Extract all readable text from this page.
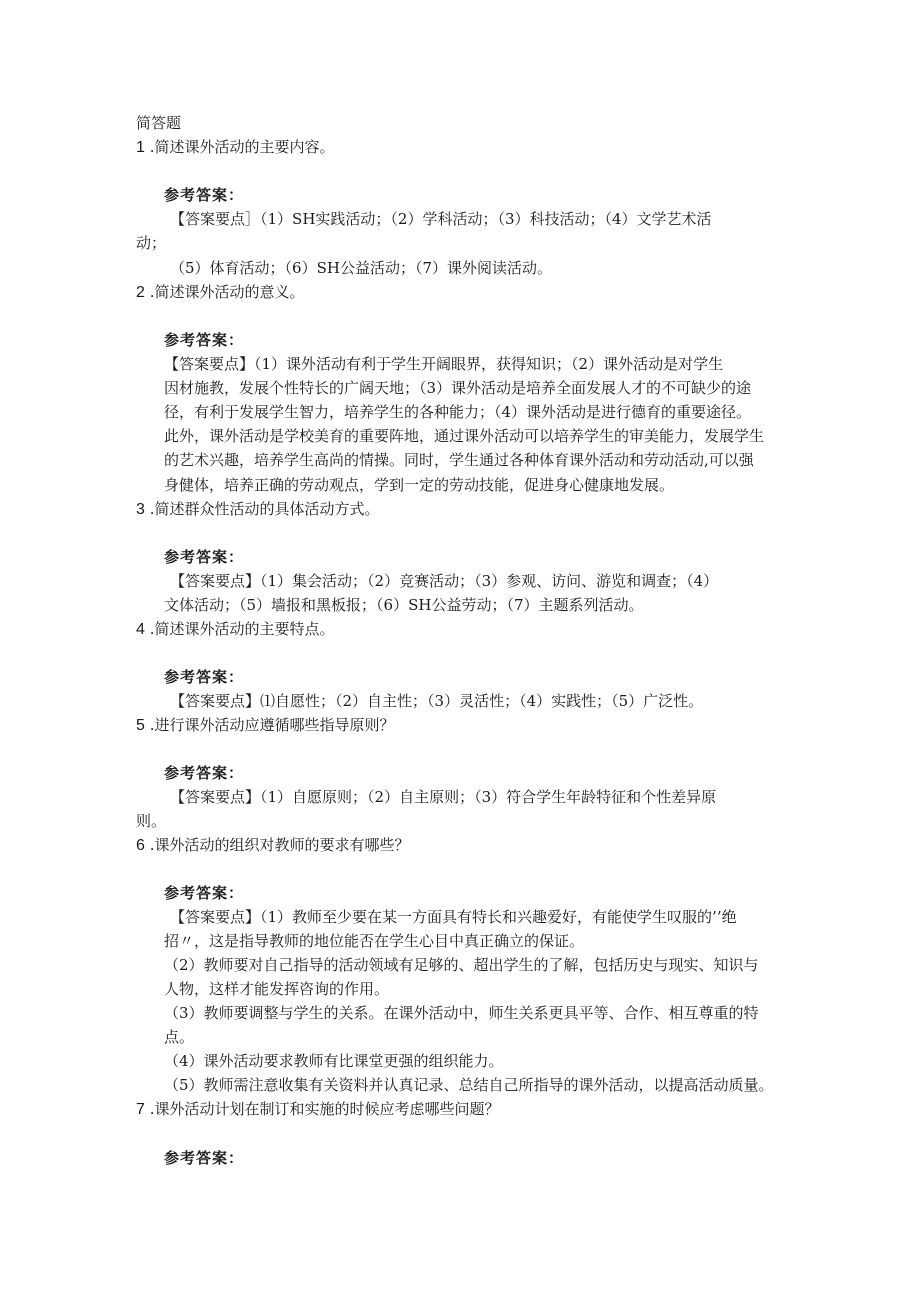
简答题
1 .简述课外活动的主要内容。
参考答案：
【答案要点］（1）SH实践活动；（2）学科活动；（3）科技活动；（4）文学艺术活
动；
（5）体育活动；（6）SH公益活动；（7）课外阅读活动。
2 .简述课外活动的意义。
参考答案：
【答案要点】（1）课外活动有利于学生开阔眼界，获得知识；（2）课外活动是对学生
因材施教，发展个性特长的广阔天地；（3）课外活动是培养全面发展人才的不可缺少的途
径，有利于发展学生智力，培养学生的各种能力；（4）课外活动是进行德育的重要途径。
此外，课外活动是学校美育的重要阵地，通过课外活动可以培养学生的审美能力，发展学生
的艺术兴趣，培养学生高尚的情操。同时，学生通过各种体育课外活动和劳动活动,可以强
身健体，培养正确的劳动观点，学到一定的劳动技能，促进身心健康地发展。
3 .简述群众性活动的具体活动方式。
参考答案：
【答案要点】（1）集会活动；（2）竞赛活动；（3）参观、访问、游览和调查；（4）
文体活动；（5）墙报和黑板报；（6）SH公益劳动；（7）主题系列活动。
4 .简述课外活动的主要特点。
参考答案：
【答案要点】⑴自愿性；（2）自主性；（3）灵活性；（4）实践性；（5）广泛性。
5 .进行课外活动应遵循哪些指导原则？
参考答案：
【答案要点】（1）自愿原则；（2）自主原则；（3）符合学生年龄特征和个性差异原
则。
6 .课外活动的组织对教师的要求有哪些？
参考答案：
【答案要点】（1）教师至少要在某一方面具有特长和兴趣爱好，有能使学生叹服的’’绝
招〃，这是指导教师的地位能否在学生心目中真正确立的保证。
（2）教师要对自己指导的活动领域有足够的、超出学生的了解，包括历史与现实、知识与
人物，这样才能发挥咨询的作用。
（3）教师要调整与学生的关系。在课外活动中，师生关系更具平等、合作、相互尊重的特
点。
（4）课外活动要求教师有比课堂更强的组织能力。
（5）教师需注意收集有关资料并认真记录、总结自己所指导的课外活动，以提高活动质量。
7 .课外活动计划在制订和实施的时候应考虑哪些问题？
参考答案：
